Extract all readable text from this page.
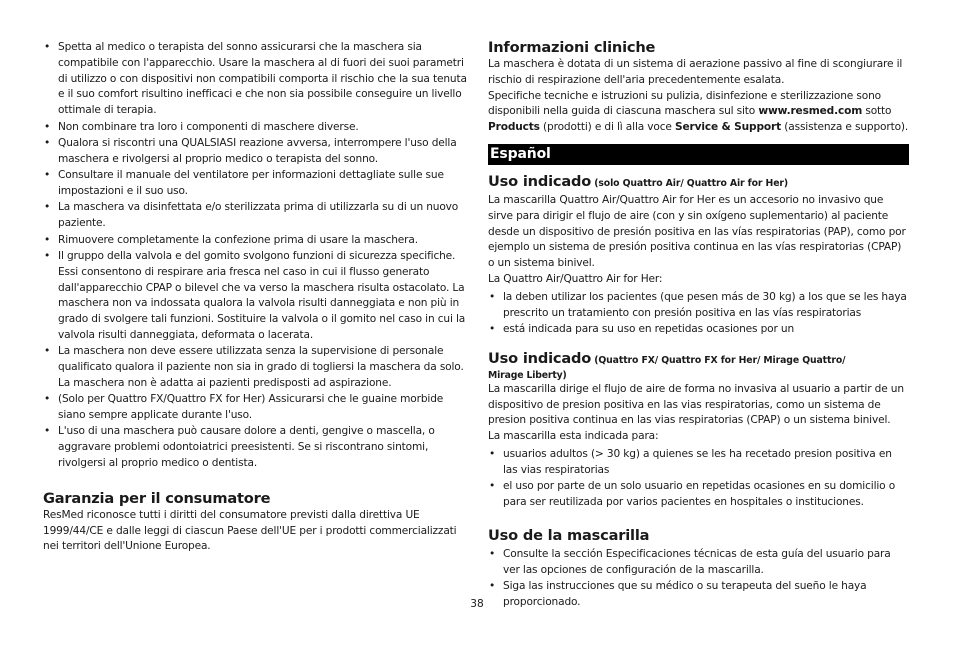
• Spetta al medico o terapista del sonno assicurarsi che la maschera sia compatibile con l'apparecchio. Usare la maschera al di fuori dei suoi parametri di utilizzo o con dispositivi non compatibili comporta il rischio che la sua tenuta e il suo comfort risultino inefficaci e che non sia possibile conseguire un livello ottimale di terapia.
• Non combinare tra loro i componenti di maschere diverse.
• Qualora si riscontri una QUALSIASI reazione avversa, interrompere l'uso della maschera e rivolgersi al proprio medico o terapista del sonno.
• Consultare il manuale del ventilatore per informazioni dettagliate sulle sue impostazioni e il suo uso.
• La maschera va disinfettata e/o sterilizzata prima di utilizzarla su di un nuovo paziente.
• Rimuovere completamente la confezione prima di usare la maschera.
• Il gruppo della valvola e del gomito svolgono funzioni di sicurezza specifiche. Essi consentono di respirare aria fresca nel caso in cui il flusso generato dall'apparecchio CPAP o bilevel che va verso la maschera risulta ostacolato. La maschera non va indossata qualora la valvola risulti danneggiata e non più in grado di svolgere tali funzioni. Sostituire la valvola o il gomito nel caso in cui la valvola risulti danneggiata, deformata o lacerata.
• La maschera non deve essere utilizzata senza la supervisione di personale qualificato qualora il paziente non sia in grado di togliersi la maschera da solo. La maschera non è adatta ai pazienti predisposti ad aspirazione.
• (Solo per Quattro FX/Quattro FX for Her) Assicurarsi che le guaine morbide siano sempre applicate durante l'uso.
• L'uso di una maschera può causare dolore a denti, gengive o mascella, o aggravare problemi odontoiatrici preesistenti. Se si riscontrano sintomi, rivolgersi al proprio medico o dentista.
Garanzia per il consumatore

ResMed riconosce tutti i diritti del consumatore previsti dalla direttiva UE 1999/44/CE e dalle leggi di ciascun Paese dell'UE per i prodotti commercializzati nei territori dell'Unione Europea.

Informazioni cliniche

La maschera è dotata di un sistema di aerazione passivo al fine di scongiurare il rischio di respirazione dell'aria precedentemente esalata.

Specifiche tecniche e istruzioni su pulizia, disinfezione e sterilizzazione sono disponibili nella guida di ciascuna maschera sul sito www.resmed.com sotto Products (prodotti) e di lì alla voce Service & Support (assistenza e supporto).

Español
Uso indicado (solo Quattro Air/ Quattro Air for Her)

La mascarilla Quattro Air/Quattro Air for Her es un accesorio no invasivo que sirve para dirigir el flujo de aire (con y sin oxígeno suplementario) al paciente desde un dispositivo de presión positiva en las vías respiratorias (PAP), como por ejemplo un sistema de presión positiva continua en las vías respiratorias (CPAP) o un sistema binivel.

La Quattro Air/Quattro Air for Her:

• la deben utilizar los pacientes (que pesen más de 30 kg) a los que se les haya prescrito un tratamiento con presión positiva en las vías respiratorias
• está indicada para su uso en repetidas ocasiones por un
Uso indicado (Quattro FX/ Quattro FX for Her/ Mirage Quattro/
Mirage Liberty)

La mascarilla dirige el flujo de aire de forma no invasiva al usuario a partir de un dispositivo de presion positiva en las vias respiratorias, como un sistema de presion positiva continua en las vias respiratorias (CPAP) o un sistema binivel.

La mascarilla esta indicada para:

• usuarios adultos (> 30 kg) a quienes se les ha recetado presion positiva en las vias respiratorias
• el uso por parte de un solo usuario en repetidas ocasiones en su domicilio o para ser reutilizada por varios pacientes en hospitales o instituciones.
Uso de la mascarilla
• Consulte la sección Especificaciones técnicas de esta guía del usuario para ver las opciones de configuración de la mascarilla.
• Siga las instrucciones que su médico o su terapeuta del sueño le haya proporcionado.
38
